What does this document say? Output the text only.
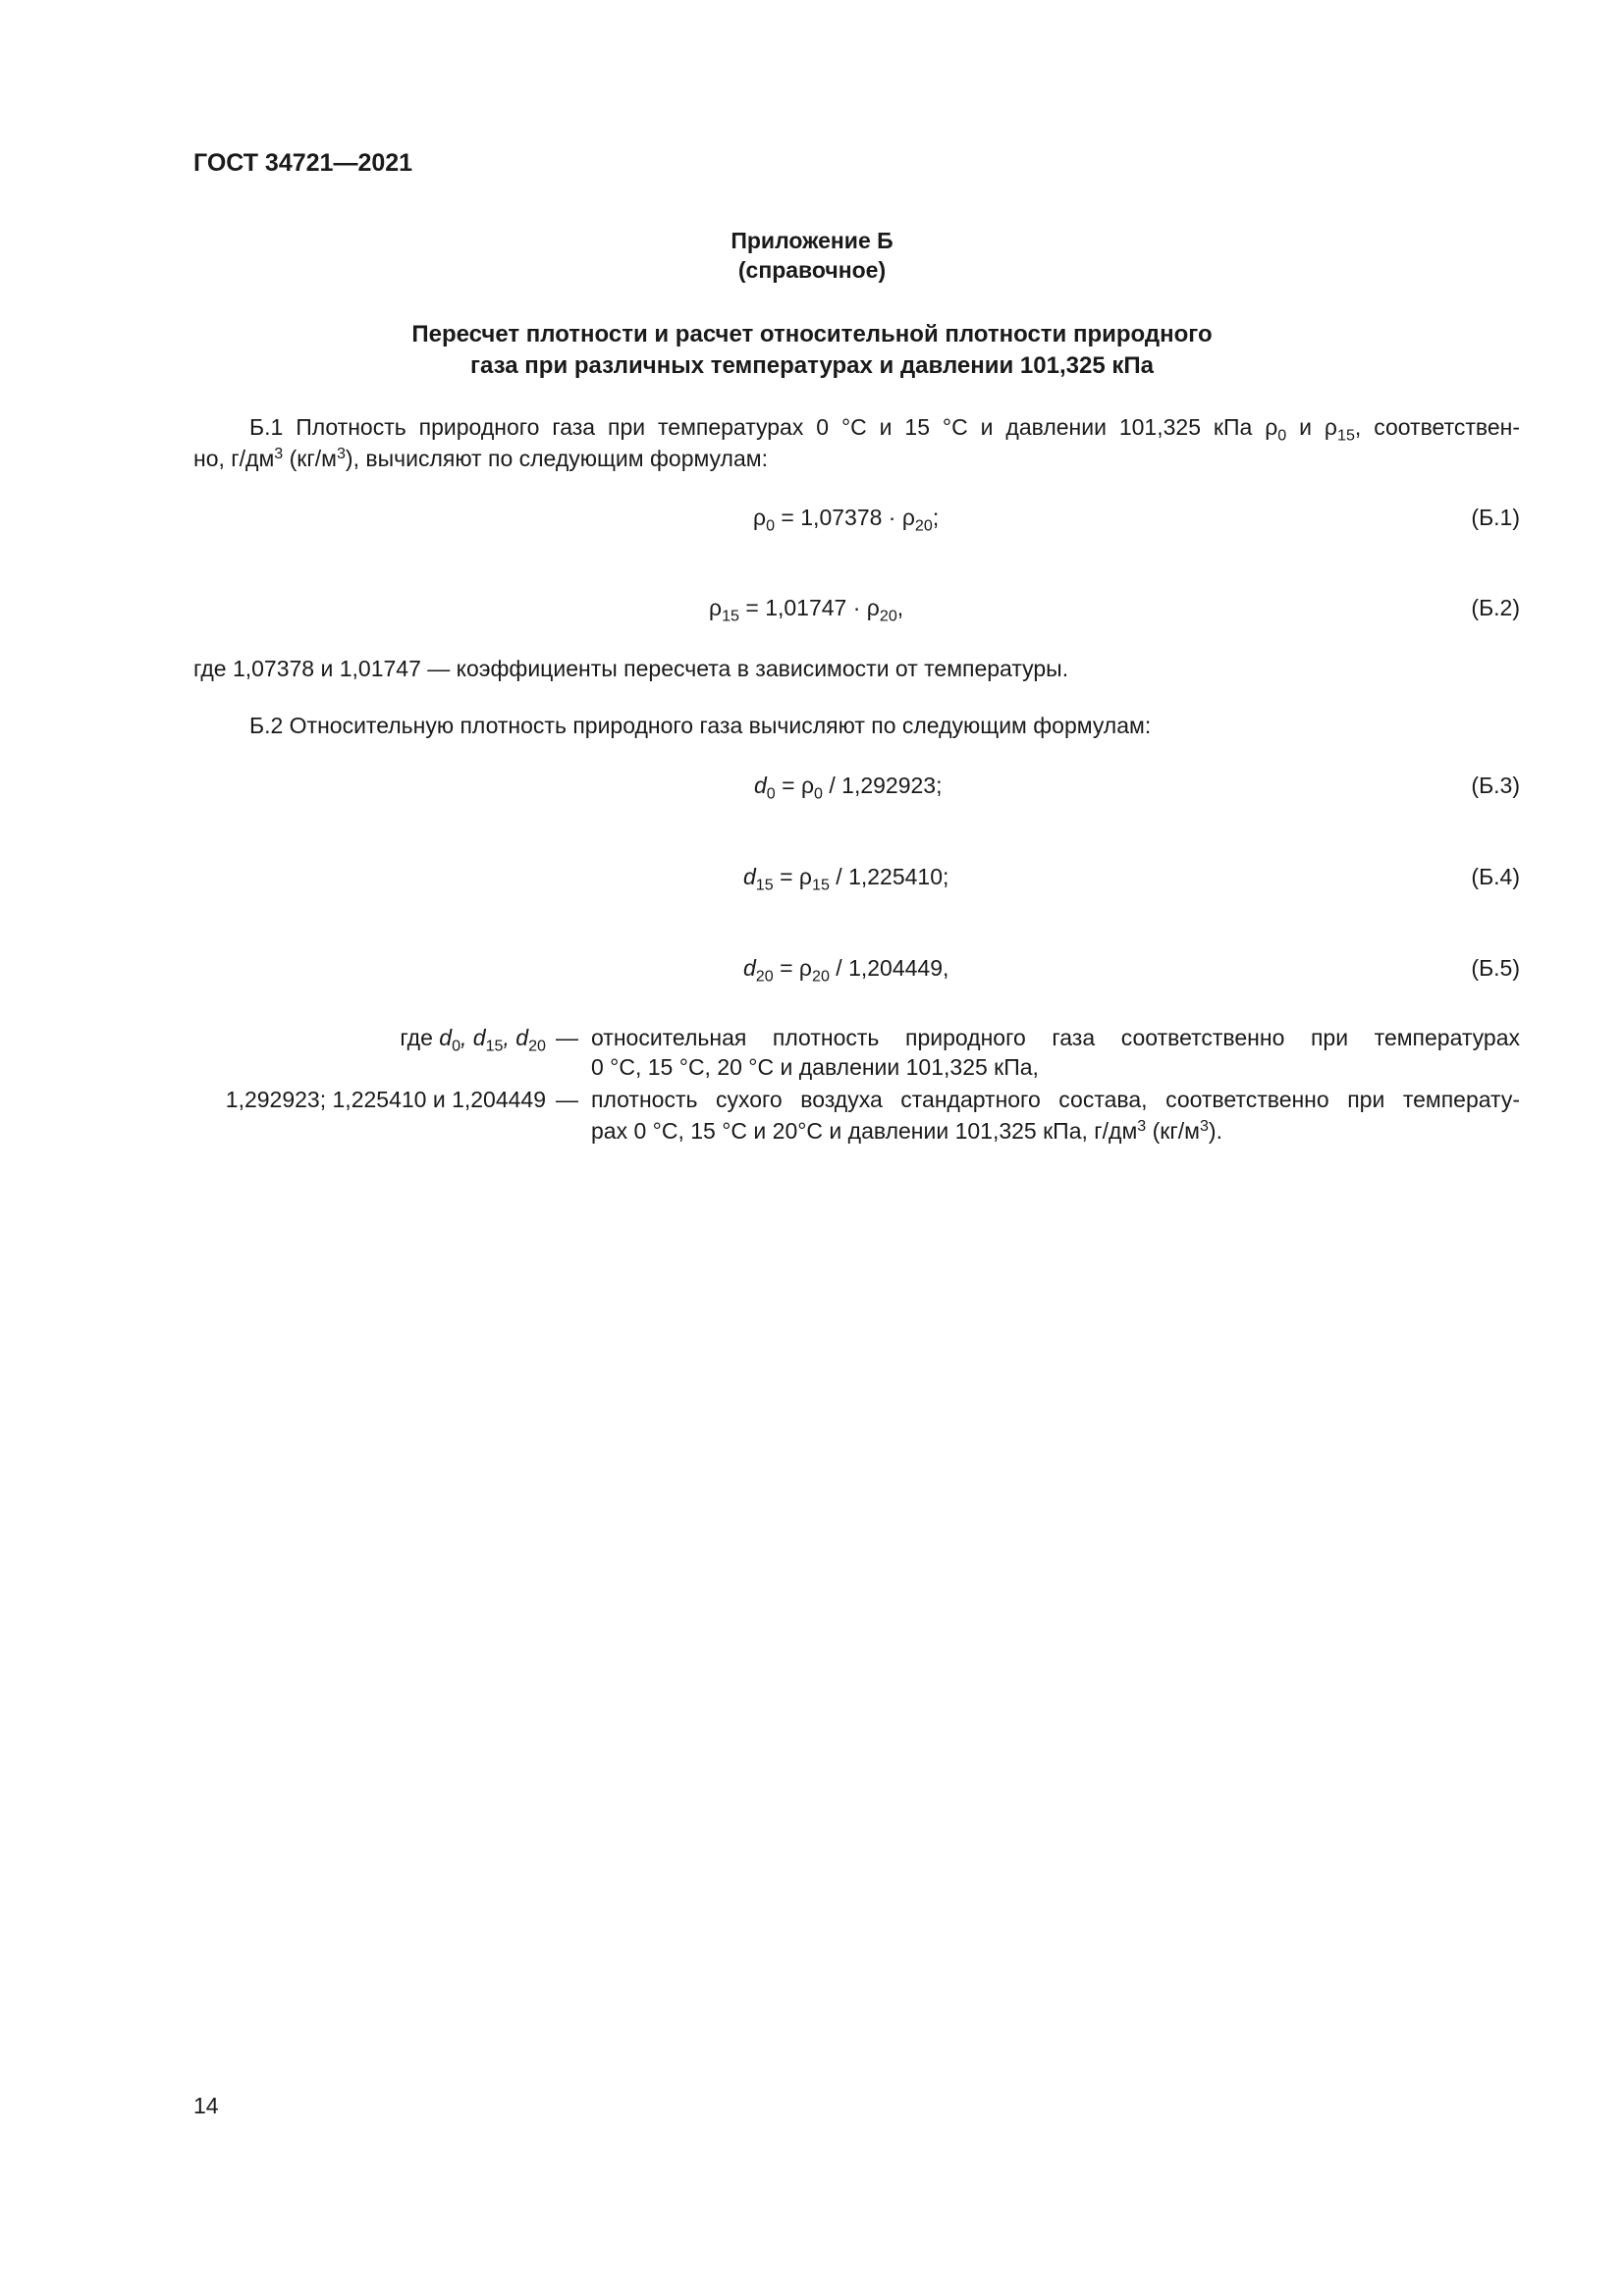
ГОСТ 34721—2021
Приложение Б
(справочное)
Пересчет плотности и расчет относительной плотности природного
газа при различных температурах и давлении 101,325 кПа
Б.1 Плотность природного газа при температурах 0 °С и 15 °С и давлении 101,325 кПа $\rho_0$ и $\rho_{15}$, соответствен-
но, $г/дм^3$ $(кг/м^3)$, вычисляют по следующим формулам:
$\rho_0 = 1,07378 \cdot \rho_{20}$;	(Б.1)
$\rho_{15} = 1,01747 \cdot \rho_{20}$,	(Б.2)
где 1,07378 и 1,01747 — коэффициенты пересчета в зависимости от температуры.
Б.2 Относительную плотность природного газа вычисляют по следующим формулам:
$d_0 = \rho_0 / 1,292923$;	(Б.3)
$d_{15} = \rho_{15} / 1,225410$;	(Б.4)
$d_{20} = \rho_{20} / 1,204449$,	(Б.5)
где $d_0$, $d_{15}$, $d_{20}$ — относительная плотность природного газа соответственно при температурах
0 °С, 15 °С, 20 °С и давлении 101,325 кПа,
1,292923; 1,225410 и 1,204449 — плотность сухого воздуха стандартного состава, соответственно при температу-
рах 0 °С, 15 °С и 20°С и давлении 101,325 кПа, $г/дм^3$ $(кг/м^3)$.
14
